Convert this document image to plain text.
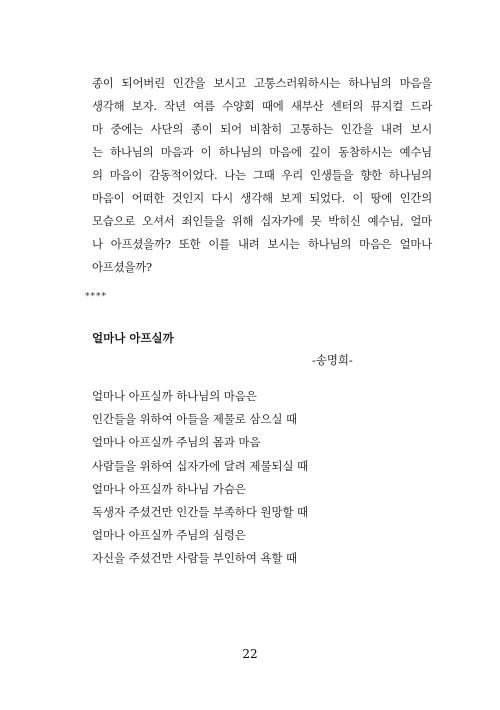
종이 되어버린 인간을 보시고 고통스러워하시는 하나님의 마음을
생각해 보자. 작년 여름 수양회 때에 새부산 센터의 뮤지컬 드라
마 중에는 사단의 종이 되어 비참히 고통하는 인간을 내려 보시
는 하나님의 마음과 이 하나님의 마음에 깊이 동참하시는 예수님
의 마음이 감동적이었다. 나는 그때 우리 인생들을 향한 하나님의
마음이 어떠한 것인지 다시 생각해 보게 되었다. 이 땅에 인간의
모습으로 오셔서 죄인들을 위해 십자가에 못 박히신 예수님, 얼마
나 아프셨을까? 또한 이를 내려 보시는 하나님의 마음은 얼마나
아프셨을까?
****
얼마나 아프실까
-송명희-
얼마나 아프실까 하나님의 마음은
인간들을 위하여 아들을 제물로 삼으실 때
얼마나 아프실까 주님의 몸과 마음
사람들을 위하여 십자가에 달려 제물되실 때
얼마나 아프실까 하나님 가슴은
독생자 주셨건만 인간들 부족하다 원망할 때
얼마나 아프실까 주님의 심령은
자신을 주셨건만 사람들 부인하여 욕할 때
22
